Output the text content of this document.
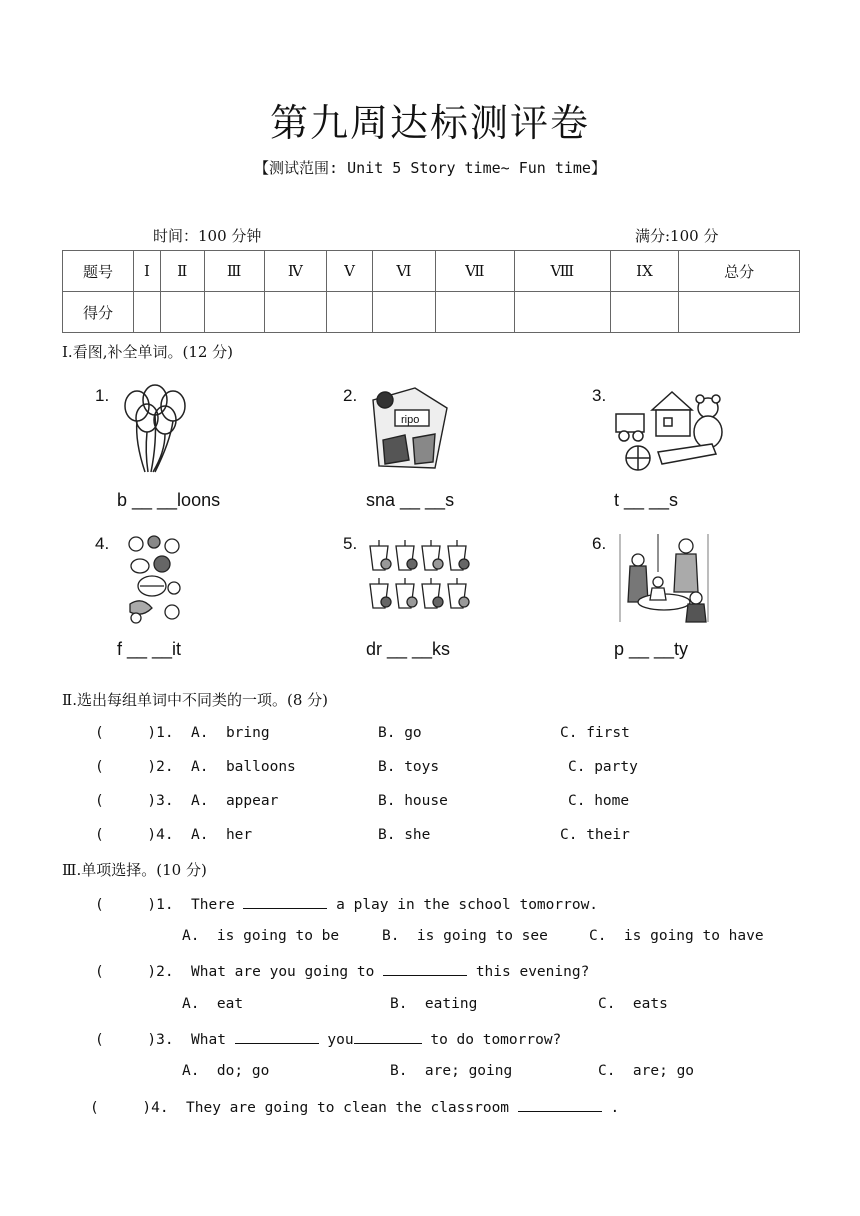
第九周达标测评卷
【测试范围: Unit 5 Story time~ Fun time】
时间：100 分钟	满分:100 分
题号	Ⅰ	Ⅱ	Ⅲ	Ⅳ	Ⅴ	Ⅵ	Ⅶ	Ⅷ	ⅠX	总分
得分										
Ⅰ.看图,补全单词。(12 分)
1.
b __ __loons
2.
ripo
sna __ __s
3.
t __ __s
4.
f __ __it
5.
dr __ __ks
6.
p __ __ty
Ⅱ.选出每组单词中不同类的一项。(8 分)
(     )1.  A.  bring	B. go	C. first
(     )2.  A.  balloons	B. toys	C. party
(     )3.  A.  appear	B. house	C. home
(     )4.  A.  her	B. she	C. their
Ⅲ.单项选择。(10 分)
(     )1.  There	a play in the school tomorrow.
A.  is going to be	B.  is going to see	C.  is going to have
(     )2.  What are you going to	this evening?
A.  eat	B.  eating	C.  eats
(     )3.  What	you	to do tomorrow?
A.  do; go	B.  are; going	C.  are; go
(     )4.  They are going to clean the classroom	.
